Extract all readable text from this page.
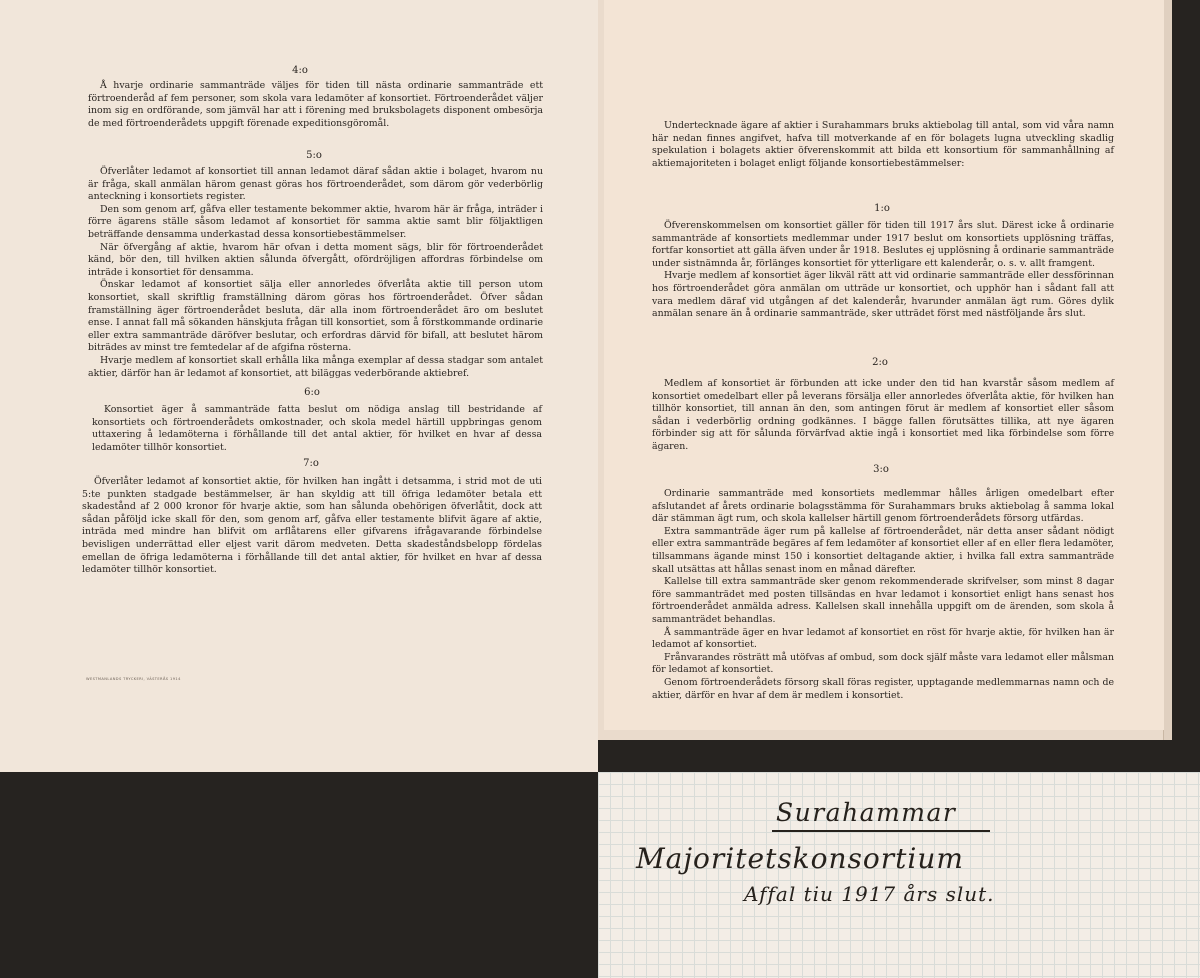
4:o

Å hvarje ordinarie sammanträde väljes för tiden till nästa ordinarie sammanträde ett förtroenderåd af fem personer, som skola vara ledamöter af konsortiet. Förtroenderådet väljer inom sig en ordförande, som jämväl har att i förening med bruksbolagets disponent ombesörja de med förtroenderådets uppgift förenade expeditionsgöromål.

5:o

Öfverlåter ledamot af konsortiet till annan ledamot däraf sådan aktie i bolaget, hvarom nu är fråga, skall anmälan härom genast göras hos förtroenderådet, som därom gör vederbörlig anteckning i konsortiets register.

Den som genom arf, gåfva eller testamente bekommer aktie, hvarom här är fråga, inträder i förre ägarens ställe såsom ledamot af konsortiet för samma aktie samt blir följaktligen beträffande densamma underkastad dessa konsortiebestämmelser.

När öfvergång af aktie, hvarom här ofvan i detta moment sägs, blir för förtroenderådet känd, bör den, till hvilken aktien sålunda öfvergått, ofördröjligen affordras förbindelse om inträde i konsortiet för densamma.

Önskar ledamot af konsortiet sälja eller annorledes öfverlåta aktie till person utom konsortiet, skall skriftlig framställning därom göras hos förtroenderådet. Öfver sådan framställning äger förtroenderådet besluta, där alla inom förtroenderådet äro om beslutet ense. I annat fall må sökanden hänskjuta frågan till konsortiet, som å förstkommande ordinarie eller extra sammanträde däröfver beslutar, och erfordras därvid för bifall, att beslutet härom biträdes av minst tre femtedelar af de afgifna rösterna.

Hvarje medlem af konsortiet skall erhålla lika många exemplar af dessa stadgar som antalet aktier, därför han är ledamot af konsortiet, att biläggas vederbörande aktiebref.

6:o

Konsortiet äger å sammanträde fatta beslut om nödiga anslag till bestridande af konsortiets och förtroenderådets omkostnader, och skola medel härtill uppbringas genom uttaxering å ledamöterna i förhållande till det antal aktier, för hvilket en hvar af dessa ledamöter tillhör konsortiet.

7:o

Öfverlåter ledamot af konsortiet aktie, för hvilken han ingått i detsamma, i strid mot de uti 5:te punkten stadgade bestämmelser, är han skyldig att till öfriga ledamöter betala ett skadestånd af 2 000 kronor för hvarje aktie, som han sålunda obehörigen öfverlåtit, dock att sådan påföljd icke skall för den, som genom arf, gåfva eller testamente blifvit ägare af aktie, inträda med mindre han blifvit om arflåtarens eller gifvarens ifrågavarande förbindelse bevisligen underrättad eller eljest varit därom medveten. Detta skadeståndsbelopp fördelas emellan de öfriga ledamöterna i förhållande till det antal aktier, för hvilket en hvar af dessa ledamöter tillhör konsortiet.

WESTMANLANDS TRYCKERI, VÄSTERÅS 1914

Undertecknade ägare af aktier i Surahammars bruks aktiebolag till antal, som vid våra namn här nedan finnes angifvet, hafva till motverkande af en för bolagets lugna utveckling skadlig spekulation i bolagets aktier öfverenskommit att bilda ett konsortium för sammanhållning af aktiemajoriteten i bolaget enligt följande konsortiebestämmelser:

1:o

Öfverenskommelsen om konsortiet gäller för tiden till 1917 års slut. Därest icke å ordinarie sammanträde af konsortiets medlemmar under 1917 beslut om konsortiets upplösning träffas, fortfar konsortiet att gälla äfven under år 1918. Beslutes ej upplösning å ordinarie sammanträde under sistnämnda år, förlänges konsortiet för ytterligare ett kalenderår, o. s. v. allt framgent.

Hvarje medlem af konsortiet äger likväl rätt att vid ordinarie sammanträde eller dessförinnan hos förtroenderådet göra anmälan om utträde ur konsortiet, och upphör han i sådant fall att vara medlem däraf vid utgången af det kalenderår, hvarunder anmälan ägt rum. Göres dylik anmälan senare än å ordinarie sammanträde, sker utträdet först med nästföljande års slut.

2:o

Medlem af konsortiet är förbunden att icke under den tid han kvarstår såsom medlem af konsortiet omedelbart eller på leverans försälja eller annorledes öfverlåta aktie, för hvilken han tillhör konsortiet, till annan än den, som antingen förut är medlem af konsortiet eller såsom sådan i vederbörlig ordning godkännes. I bägge fallen förutsättes tillika, att nye ägaren förbinder sig att för sålunda förvärfvad aktie ingå i konsortiet med lika förbindelse som förre ägaren.

3:o

Ordinarie sammanträde med konsortiets medlemmar hålles årligen omedelbart efter afslutandet af årets ordinarie bolagsstämma för Surahammars bruks aktiebolag å samma lokal där stämman ägt rum, och skola kallelser härtill genom förtroenderådets försorg utfärdas.

Extra sammanträde äger rum på kallelse af förtroenderådet, när detta anser sådant nödigt eller extra sammanträde begäres af fem ledamöter af konsortiet eller af en eller flera ledamöter, tillsammans ägande minst 150 i konsortiet deltagande aktier, i hvilka fall extra sammanträde skall utsättas att hållas senast inom en månad därefter.

Kallelse till extra sammanträde sker genom rekommenderade skrifvelser, som minst 8 dagar före sammanträdet med posten tillsändas en hvar ledamot i konsortiet enligt hans senast hos förtroenderådet anmälda adress. Kallelsen skall innehålla uppgift om de ärenden, som skola å sammanträdet behandlas.

Å sammanträde äger en hvar ledamot af konsortiet en röst för hvarje aktie, för hvilken han är ledamot af konsortiet.

Frånvarandes rösträtt må utöfvas af ombud, som dock själf måste vara ledamot eller målsman för ledamot af konsortiet.

Genom förtroenderådets försorg skall föras register, upptagande medlemmarnas namn och de aktier, därför en hvar af dem är medlem i konsortiet.

Surahammar
Majoritetskonsortium
Affal tiu 1917 års slut.
